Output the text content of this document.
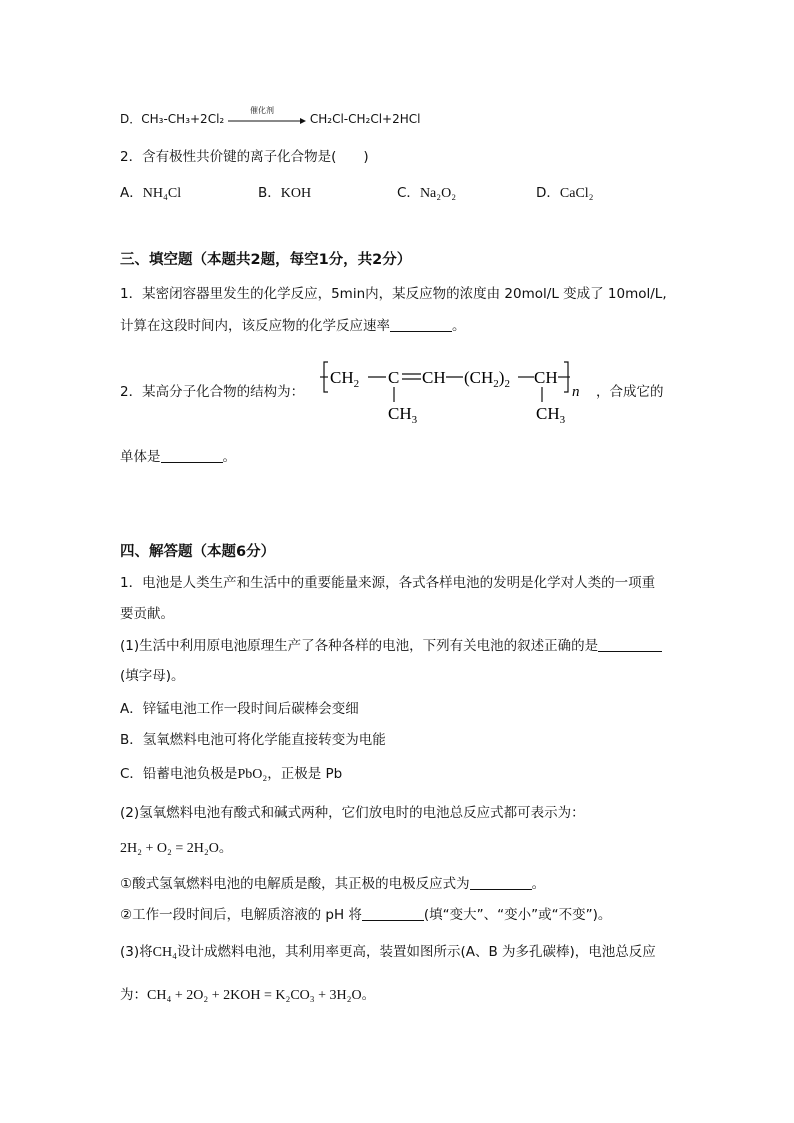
D．CH₃-CH₃+2Cl₂
催化剂
CH₂Cl-CH₂Cl+2HCl
2．含有极性共价键的离子化合物是(　　)
A．NH₄Cl	B．KOH	C．Na₂O₂	D．CaCl₂
三、填空题（本题共2题，每空1分，共2分）
1．某密闭容器里发生的化学反应，5min内，某反应物的浓度由 20mol/L 变成了 10mol/L,
计算在这段时间内，该反应物的化学反应速率	。
2．某高分子化合物的结构为：
$CH_2$ C CH $(CH_2)_2$ CH
n
$CH_3$	$CH_3$
，合成它的
单体是	。
四、解答题（本题6分）
1．电池是人类生产和生活中的重要能量来源，各式各样电池的发明是化学对人类的一项重
要贡献。
(1)生活中利用原电池原理生产了各种各样的电池，下列有关电池的叙述正确的是
(填字母)。
A．锌锰电池工作一段时间后碳棒会变细
B．氢氧燃料电池可将化学能直接转变为电能
C．铅蓄电池负极是PbO₂，正极是 Pb
(2)氢氧燃料电池有酸式和碱式两种，它们放电时的电池总反应式都可表示为：
2H₂ + O₂ = 2H₂O。
①酸式氢氧燃料电池的电解质是酸，其正极的电极反应式为	。
②工作一段时间后，电解质溶液的 pH 将	(填“变大”、“变小”或“不变”)。
(3)将CH₄设计成燃料电池，其利用率更高，装置如图所示(A、B 为多孔碳棒)，电池总反应
为：CH₄ + 2O₂ + 2KOH = K₂CO₃ + 3H₂O。
